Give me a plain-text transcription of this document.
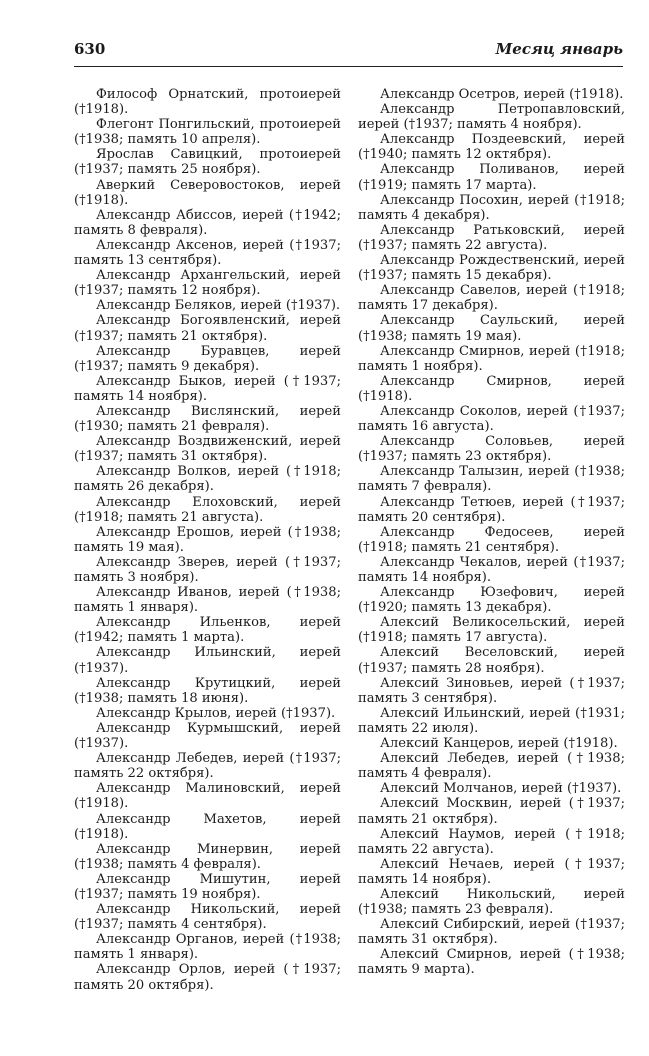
630	Месяц январь

Философ Орнатский, протоиерей (†1918).

Флегонт Понгильский, протоиерей (†1938; память 10 апреля).

Ярослав Савицкий, протоиерей (†1937; память 25 ноября).

Аверкий Северовостоков, иерей (†1918).

Александр Абиссов, иерей (†1942; память 8 февраля).

Александр Аксенов, иерей (†1937; память 13 сентября).

Александр Архангельский, иерей (†1937; память 12 ноября).

Александр Беляков, иерей (†1937).

Александр Богоявленский, иерей (†1937; память 21 октября).

Александр Буравцев, иерей (†1937; память 9 декабря).

Александр Быков, иерей (†1937; память 14 ноября).

Александр Вислянский, иерей (†1930; память 21 февраля).

Александр Воздвиженский, иерей (†1937; память 31 октября).

Александр Волков, иерей (†1918; память 26 декабря).

Александр Елоховский, иерей (†1918; память 21 августа).

Александр Ерошов, иерей (†1938; память 19 мая).

Александр Зверев, иерей (†1937; память 3 ноября).

Александр Иванов, иерей (†1938; память 1 января).

Александр Ильенков, иерей (†1942; память 1 марта).

Александр Ильинский, иерей (†1937).

Александр Крутицкий, иерей (†1938; память 18 июня).

Александр Крылов, иерей (†1937).

Александр Курмышский, иерей (†1937).

Александр Лебедев, иерей (†1937; память 22 октября).

Александр Малиновский, иерей (†1918).

Александр Махетов, иерей (†1918).

Александр Минервин, иерей (†1938; память 4 февраля).

Александр Мишутин, иерей (†1937; память 19 ноября).

Александр Никольский, иерей (†1937; память 4 сентября).

Александр Органов, иерей (†1938; память 1 января).

Александр Орлов, иерей (†1937; память 20 октября).

Александр Осетров, иерей (†1918).

Александр Петропавловский, иерей (†1937; память 4 ноября).

Александр Поздеевский, иерей (†1940; память 12 октября).

Александр Поливанов, иерей (†1919; память 17 марта).

Александр Посохин, иерей (†1918; память 4 декабря).

Александр Ратьковский, иерей (†1937; память 22 августа).

Александр Рождественский, иерей (†1937; память 15 декабря).

Александр Савелов, иерей (†1918; память 17 декабря).

Александр Саульский, иерей (†1938; память 19 мая).

Александр Смирнов, иерей (†1918; память 1 ноября).

Александр Смирнов, иерей (†1918).

Александр Соколов, иерей (†1937; память 16 августа).

Александр Соловьев, иерей (†1937; память 23 октября).

Александр Талызин, иерей (†1938; память 7 февраля).

Александр Тетюев, иерей (†1937; память 20 сентября).

Александр Федосеев, иерей (†1918; память 21 сентября).

Александр Чекалов, иерей (†1937; память 14 ноября).

Александр Юзефович, иерей (†1920; память 13 декабря).

Алексий Великосельский, иерей (†1918; память 17 августа).

Алексий Веселовский, иерей (†1937; память 28 ноября).

Алексий Зиновьев, иерей (†1937; память 3 сентября).

Алексий Ильинский, иерей (†1931; память 22 июля).

Алексий Канцеров, иерей (†1918).

Алексий Лебедев, иерей (†1938; память 4 февраля).

Алексий Молчанов, иерей (†1937).

Алексий Москвин, иерей (†1937; память 21 октября).

Алексий Наумов, иерей (†1918; память 22 августа).

Алексий Нечаев, иерей (†1937; память 14 ноября).

Алексий Никольский, иерей (†1938; память 23 февраля).

Алексий Сибирский, иерей (†1937; память 31 октября).

Алексий Смирнов, иерей (†1938; память 9 марта).
